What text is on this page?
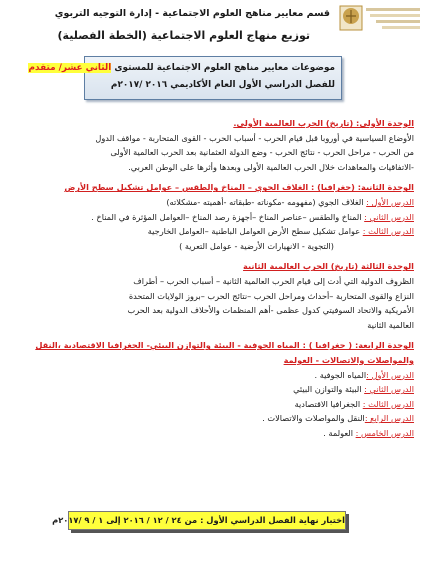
قسم معايير مناهج العلوم الاجتماعية - إدارة التوجيه التربوي
توزيع منهاج العلوم الاجتماعية (الخطة الفصلية)
موضوعات معايير مناهج العلوم الاجتماعية للمستوى الثاني عشر/ متقدم
للفصل الدراسي الأول العام الأكاديمي ٢٠١٦ /٢٠١٧م
الوحدة الأولى: (تاريخ) الحرب العالمية الأولى.
الأوضاع السياسية في أوروبا قبل قيام الحرب - أسباب الحرب - القوى المتحاربة - مواقف الدول
من الحرب - مراحل الحرب - نتائج الحرب - وضع الدولة العثمانية بعد الحرب العالمية الأولى
-الاتفاقيات والمعاهدات خلال الحرب العالمية الأولى وبعدها وأثرها على الوطن العربي.
الوحدة الثانية: (جغرافيا) : الغلاف الجوي – المناخ والطقس – عوامل تشكيل سطح الأرض
الدرس الأول : الغلاف الجوي (مفهومه -مكوناته -طبقاته -أهميته -مشكلاته)
الدرس الثاني : المناخ والطقس –عناصر المناخ –أجهزة رصد المناخ –العوامل المؤثرة في المناخ .
الدرس الثالث : عوامل تشكيل سطح الأرض العوامل الباطنية –العوامل الخارجية
(التجوية - الانهيارات الأرضية - عوامل التعرية )
الوحدة الثالثة (تاريخ) الحرب العالمية الثانية
الظروف الدولية التي أدت إلى قيام الحرب العالمية الثانية – أسباب الحرب – أطراف
النزاع والقوى المتحاربة –أحداث ومراحل الحرب –نتائج الحرب –بروز الولايات المتحدة
الأمريكية والاتحاد السوفيتي كدول عظمى -أهم المنظمات والأحلاف الدولية بعد الحرب
العالمية الثانية
الوحدة الرابعة: ( جغرافيا ) : المياه الجوفية - البيئة والتوازن البيئي- الجغرافيا الاقتصادية ،النقل
والمواصلات والاتصالات - العولمة
الدرس الأول :المياه الجوفية .
الدرس الثاني : البيئة والتوازن البيئي
الدرس الثالث : الجغرافيا الاقتصادية
الدرس الرابع :النقل والمواصلات والاتصالات .
الدرس الخامس : العولمة .
اختبار نهاية الفصل الدراسي الأول : من ٢٤ / ١٢ / ٢٠١٦ إلى ١ / ٩ /٢٠١٧م
